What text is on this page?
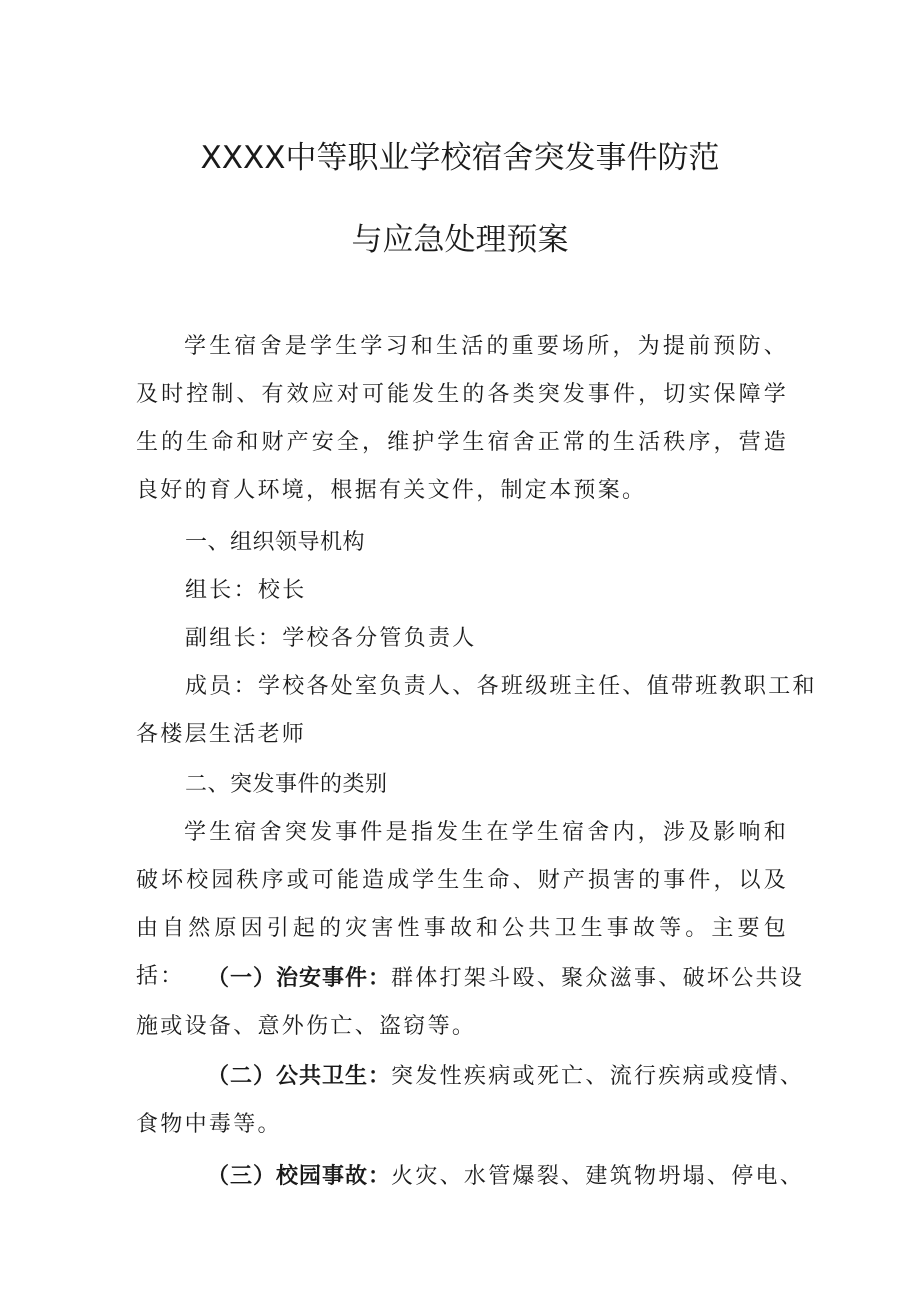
XXXX中等职业学校宿舍突发事件防范
与应急处理预案
学生宿舍是学生学习和生活的重要场所，为提前预防、及时控制、有效应对可能发生的各类突发事件，切实保障学生的生命和财产安全，维护学生宿舍正常的生活秩序，营造良好的育人环境，根据有关文件，制定本预案。
一、组织领导机构
组长：校长
副组长：学校各分管负责人
成员：学校各处室负责人、各班级班主任、值带班教职工和
各楼层生活老师
二、突发事件的类别
学生宿舍突发事件是指发生在学生宿舍内，涉及影响和破坏校园秩序或可能造成学生生命、财产损害的事件，以及由自然原因引起的灾害性事故和公共卫生事故等。主要包括：	（一）治安事件：群体打架斗殴、聚众滋事、破坏公共设
施或设备、意外伤亡、盗窃等。
（二）公共卫生：突发性疾病或死亡、流行疾病或疫情、
食物中毒等。
（三）校园事故：火灾、水管爆裂、建筑物坍塌、停电、
